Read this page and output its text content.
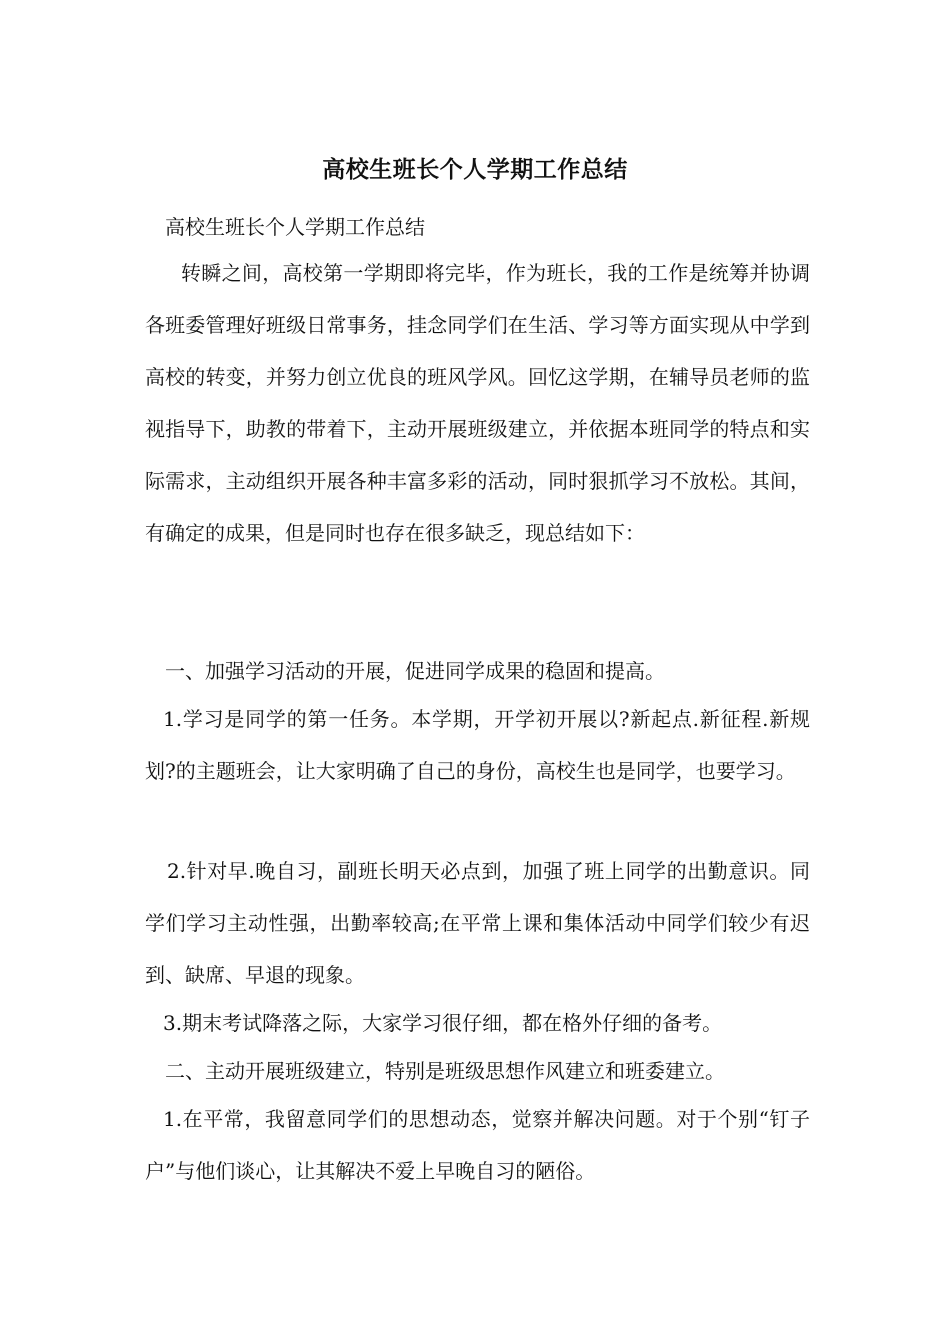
高校生班长个人学期工作总结

高校生班长个人学期工作总结

转瞬之间，高校第一学期即将完毕，作为班长，我的工作是统筹并协调各班委管理好班级日常事务，挂念同学们在生活、学习等方面实现从中学到高校的转变，并努力创立优良的班风学风。回忆这学期，在辅导员老师的监视指导下，助教的带着下，主动开展班级建立，并依据本班同学的特点和实际需求，主动组织开展各种丰富多彩的活动，同时狠抓学习不放松。其间，有确定的成果，但是同时也存在很多缺乏，现总结如下：

一、加强学习活动的开展，促进同学成果的稳固和提高。

1.学习是同学的第一任务。本学期，开学初开展以?新起点.新征程.新规划?的主题班会，让大家明确了自己的身份，高校生也是同学，也要学习。

2.针对早.晚自习，副班长明天必点到，加强了班上同学的出勤意识。同学们学习主动性强，出勤率较高;在平常上课和集体活动中同学们较少有迟到、缺席、早退的现象。

3.期末考试降落之际，大家学习很仔细，都在格外仔细的备考。

二、主动开展班级建立，特别是班级思想作风建立和班委建立。

1.在平常，我留意同学们的思想动态，觉察并解决问题。对于个别“钉子户”与他们谈心，让其解决不爱上早晚自习的陋俗。
